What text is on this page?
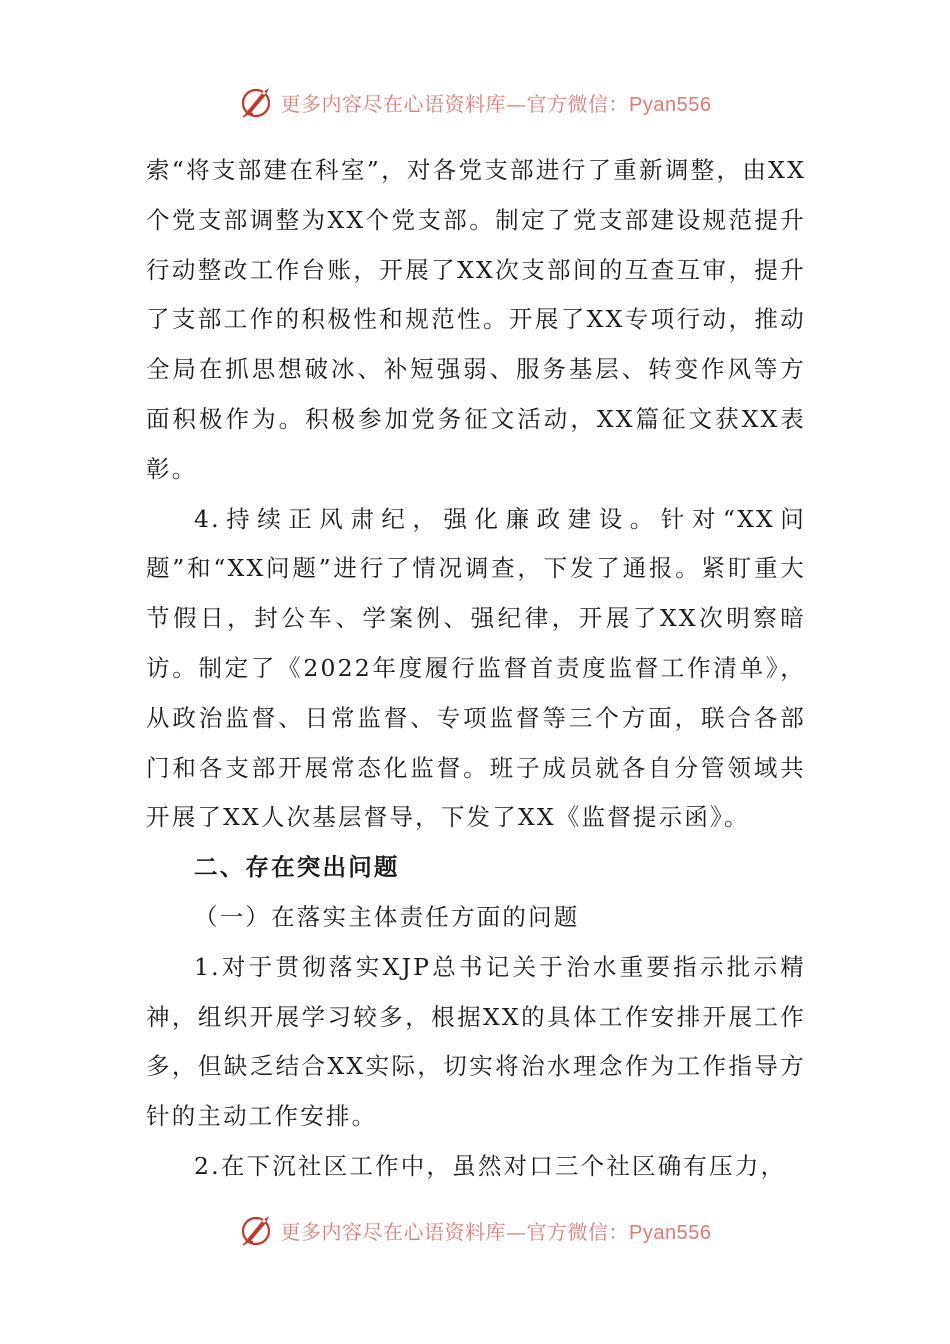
更多内容尽在心语资料库—官方微信：Pyan556

索“将支部建在科室”，对各党支部进行了重新调整，由XX个党支部调整为XX个党支部。制定了党支部建设规范提升行动整改工作台账，开展了XX次支部间的互查互审，提升了支部工作的积极性和规范性。开展了XX专项行动，推动全局在抓思想破冰、补短强弱、服务基层、转变作风等方面积极作为。积极参加党务征文活动，XX篇征文获XX表彰。

4.持续正风肃纪，强化廉政建设。针对“XX问题”和“XX问题”进行了情况调查，下发了通报。紧盯重大节假日，封公车、学案例、强纪律，开展了XX次明察暗访。制定了《2022年度履行监督首责度监督工作清单》，从政治监督、日常监督、专项监督等三个方面，联合各部门和各支部开展常态化监督。班子成员就各自分管领域共开展了XX人次基层督导，下发了XX《监督提示函》。

二、存在突出问题

（一）在落实主体责任方面的问题

1.对于贯彻落实XJP总书记关于治水重要指示批示精神，组织开展学习较多，根据XX的具体工作安排开展工作多，但缺乏结合XX实际，切实将治水理念作为工作指导方针的主动工作安排。

2.在下沉社区工作中，虽然对口三个社区确有压力，

更多内容尽在心语资料库—官方微信：Pyan556
